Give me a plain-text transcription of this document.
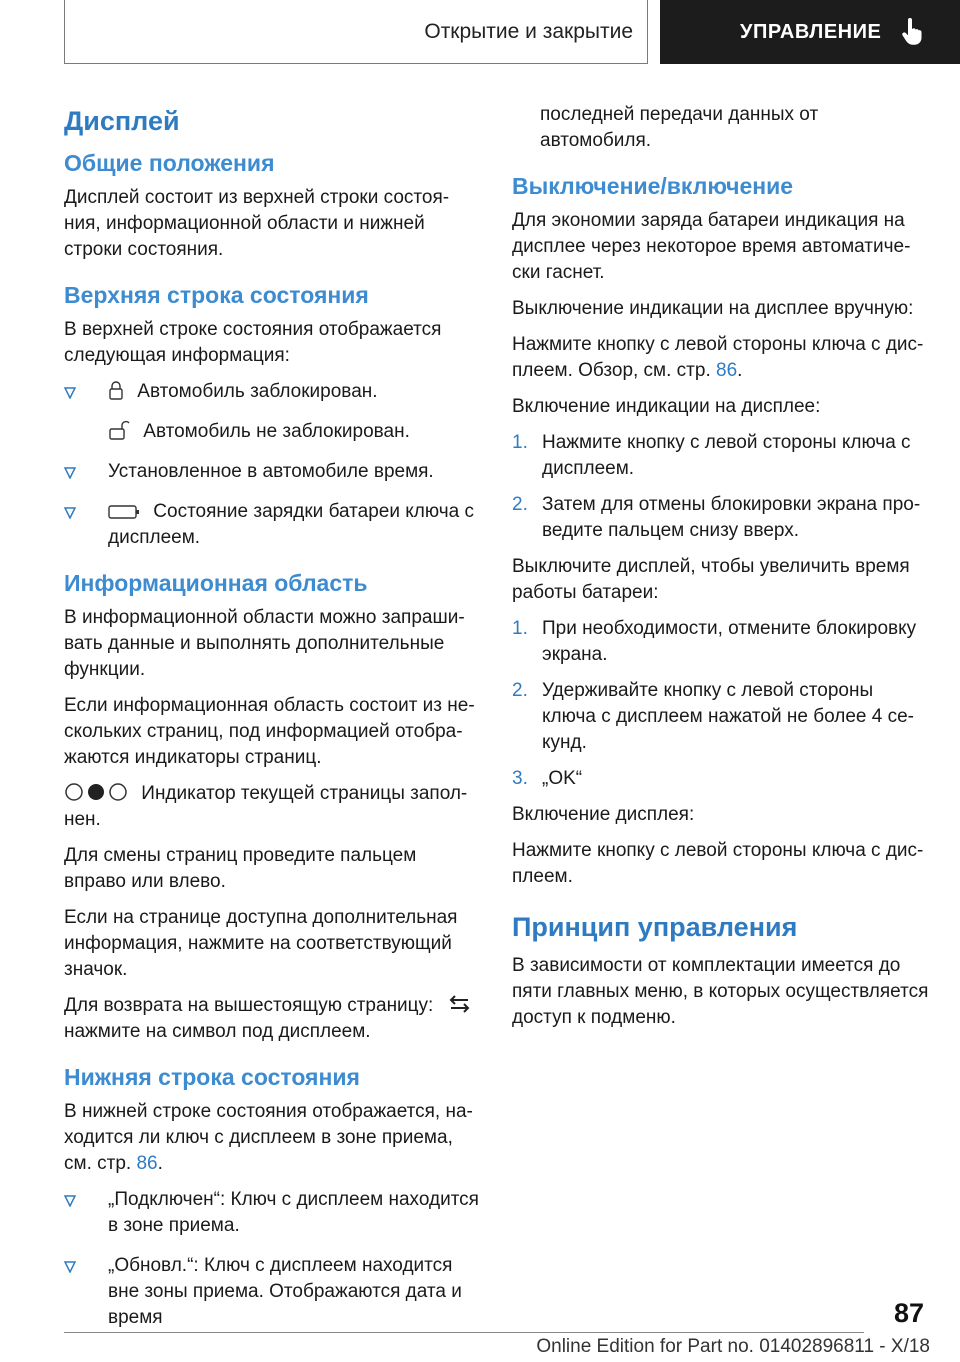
Открытие и закрытие	УПРАВЛЕНИЕ
Дисплей
Общие положения

Дисплей состоит из верхней строки состоя-ния, информационной области и нижней строки состояния.

Верхняя строка состояния

В верхней строке состояния отображается следующая информация:

Автомобиль заблокирован.
Автомобиль не заблокирован.
Установленное в автомобиле время.
Состояние зарядки батареи ключа с дисплеем.
Информационная область

В информационной области можно запраши-вать данные и выполнять дополнительные функции.

Если информационная область состоит из не-скольких страниц, под информацией отобра-жаются индикаторы страниц.

Индикатор текущей страницы запол-нен.

Для смены страниц проведите пальцем вправо или влево.

Если на странице доступна дополнительная информация, нажмите на соответствующий значок.

Для возврата на вышестоящую страницу:
нажмите на символ под дисплеем.

Нижняя строка состояния

В нижней строке состояния отображается, на-ходится ли ключ с дисплеем в зоне приема, см. стр. 86.

„Подключен“: Ключ с дисплеем находится в зоне приема.
„Обновл.“: Ключ с дисплеем находится вне зоны приема. Отображаются дата и время

последней передачи данных от автомобиля.

Выключение/включение

Для экономии заряда батареи индикация на дисплее через некоторое время автоматиче-ски гаснет.

Выключение индикации на дисплее вручную:

Нажмите кнопку с левой стороны ключа с дис-плеем. Обзор, см. стр. 86.

Включение индикации на дисплее:

1. Нажмите кнопку с левой стороны ключа с дисплеем.
2. Затем для отмены блокировки экрана про-ведите пальцем снизу вверх.

Выключите дисплей, чтобы увеличить время работы батареи:

1. При необходимости, отмените блокировку экрана.
2. Удерживайте кнопку с левой стороны ключа с дисплеем нажатой не более 4 се-кунд.
3. „OK“

Включение дисплея:

Нажмите кнопку с левой стороны ключа с дис-плеем.

Принцип управления

В зависимости от комплектации имеется до пяти главных меню, в которых осуществляется доступ к подменю.

87
Online Edition for Part no. 01402896811 - X/18
